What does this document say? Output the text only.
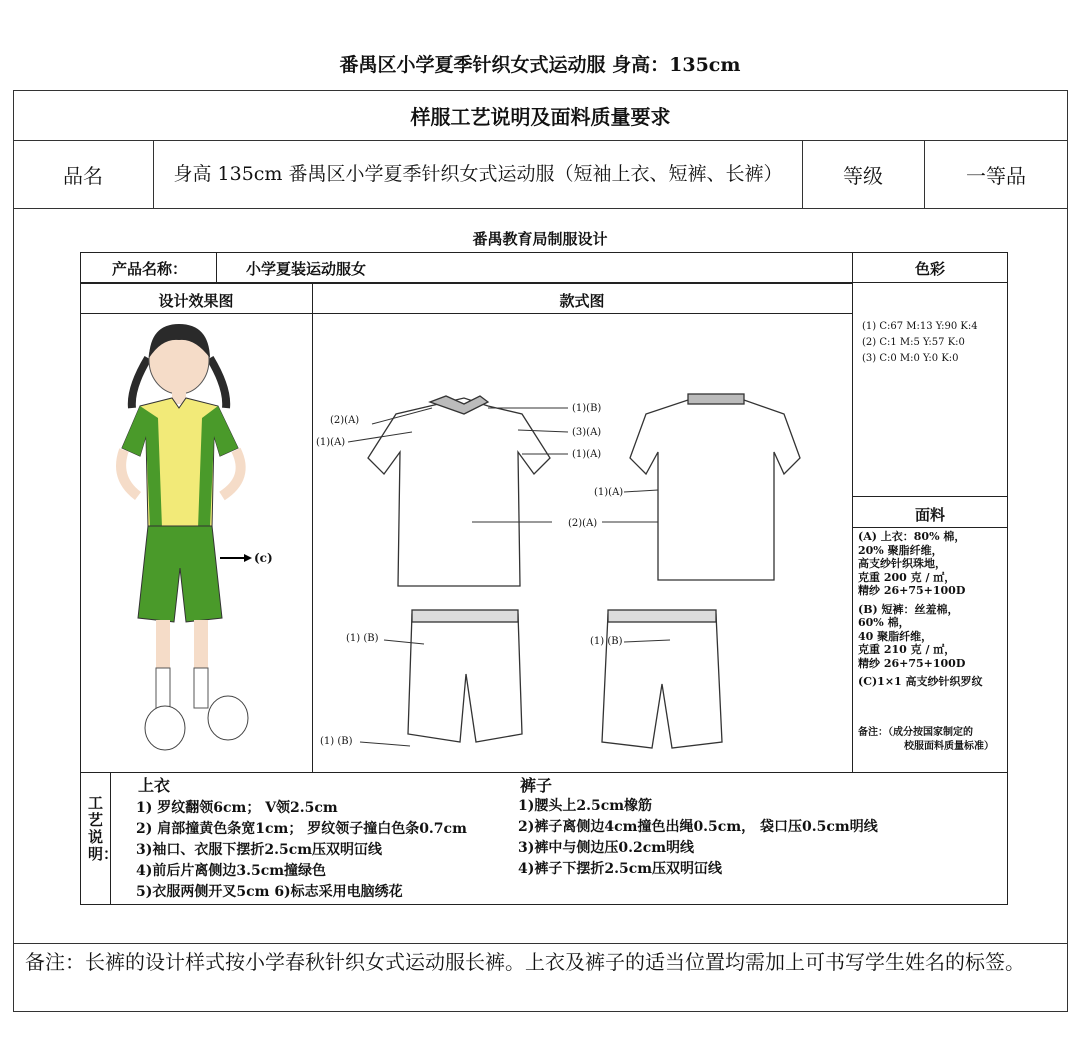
番禺区小学夏季针织女式运动服 身高：135cm
样服工艺说明及面料质量要求
品名	身高 135cm 番禺区小学夏季针织女式运动服（短袖上衣、短裤、长裤）	等级	一等品
番禺教育局制服设计
产品名称：	小学夏装运动服女	色彩
设计效果图	款式图
(1) C:67 M:13 Y:90 K:4
(2) C:1 M:5 Y:57 K:0
(3) C:0 M:0 Y:0 K:0
面料
(A) 上衣：80% 棉，
20% 聚脂纤维，
高支纱针织珠地，
克重 200 克 / ㎡，
精纱 26+75+100D
(B) 短裤：丝羞棉，
60% 棉，
40 聚脂纤维，
克重 210 克 / ㎡，
精纱 26+75+100D
(C)1×1 高支纱针织罗纹
备注：（成分按国家制定的
校服面料质量标准）
(c)
(2)(A)
(1)(A)
(1)(B)
(3)(A)
(1)(A)
(1)(A)
(2)(A)
(1) (B)	(1) (B)
(1) (B)
工艺说明：
上衣
1) 罗纹翻领6cm； V领2.5cm
2) 肩部撞黄色条宽1cm； 罗纹领子撞白色条0.7cm
3)袖口、衣服下摆折2.5cm压双明冚线
4)前后片离侧边3.5cm撞绿色
5)衣服两侧开叉5cm 6)标志采用电脑绣花
裤子
1)腰头上2.5cm橡筋
2)裤子离侧边4cm撞色出绳0.5cm， 袋口压0.5cm明线
3)裤中与侧边压0.2cm明线
4)裤子下摆折2.5cm压双明冚线
备注：长裤的设计样式按小学春秋针织女式运动服长裤。上衣及裤子的适当位置均需加上可书写学生姓名的标签。
